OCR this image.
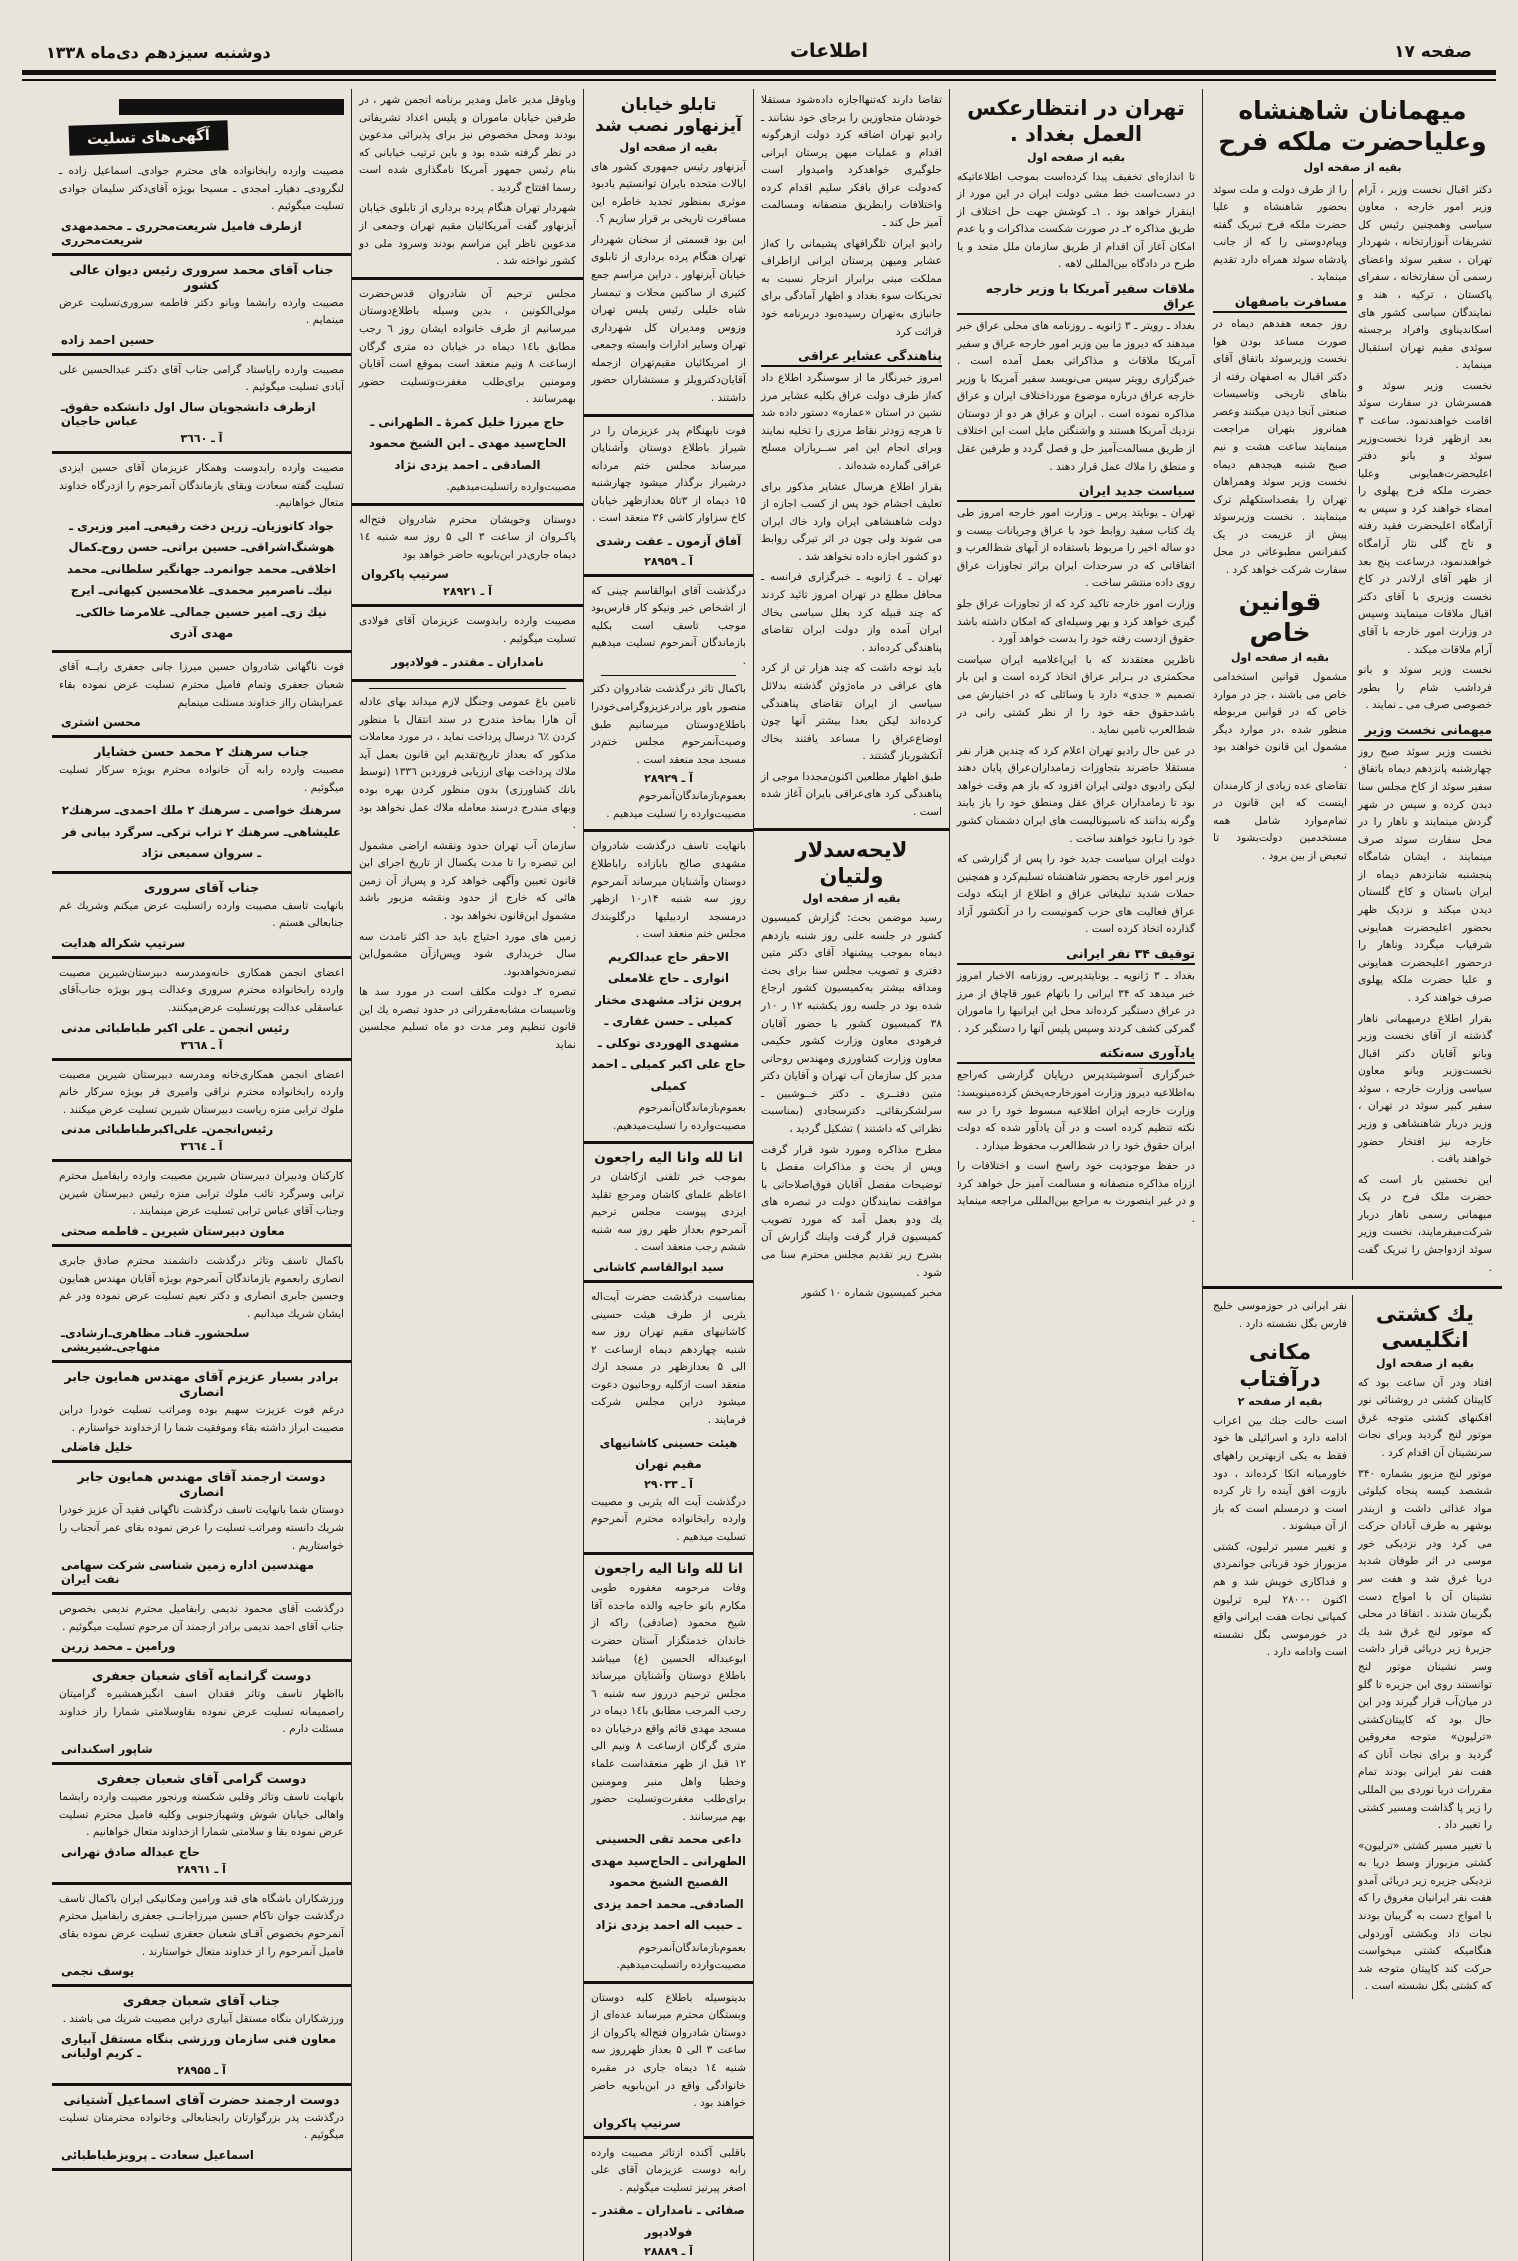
صفحه ۱۷
اطلاعات
دوشنبه سیزدهم دی‌ماه ۱۳۳۸
میهمانان شاهنشاه وعلیاحضرت ملکه فرح
بقیه از صفحه اول
دکتر اقبال نخست وزیر ، آرام وزیر امور خارجه ، معاون سیاسی وهمچنین رئیس کل تشریفات آنوزارتخانه ، شهردار تهران ، سفیر سوئد واعضای رسمی آن سفارتخانه ، سفرای پاکستان ، ترکیه ، هند و نمایندگان سیاسی کشور های اسکاندیناوی وافراد برجسته سوئدی مقیم تهران استقبال مینماید .
نخست وزیر سوئد و همسرشان در سفارت سوئد اقامت خواهندنمود. ساعت ۳ بعد ازظهر فردا نخست‌وزیر سوئد و بانو دفتر اعلیحضرت‌همایونی وعلیا حضرت ملکه فرح پهلوی را امضاء خواهند کرد و سپس به آرامگاه اعلیحضرت فقید رفته و تاج گلی نثار آرامگاه خواهندنمود، درساعت پنج بعد از ظهر آقای ارلاندر در کاخ نخست وزیری با آقای دکتر اقبال ملاقات مینمایند وسپس در وزارت امور خارجه با آقای آرام ملاقات میکند .
نخست وزیر سوئد و بانو فرداشب شام را بطور خصوصی صرف می ـ نمایند .
میهمانی نخست وزیر
نخست وزیر سوئد صبح روز چهارشنبه پانزدهم دیماه باتفاق سفیر سوئد از کاخ مجلس سنا دیدن کرده و سپس در شهر گردش مینمایند و ناهار را در محل سفارت سوئد صرف مینمایند ، ایشان شامگاه پنجشنبه شانزدهم دیماه از ایران باستان و کاخ گلستان دیدن میکند و نزدیک ظهر بحضور اعلیحضرت همایونی شرفیاب میگردد وناهار را درحضور اعلیحضرت همایونی و علیا حضرت ملکه پهلوی صرف خواهند کرد .
بقرار اطلاع درمیهمانی ناهار گذشته از آقای نخست وزیر وبانو آقایان دکتر اقبال نخست‌وزیر وبانو معاون سیاسی وزارت خارجه ، سوئد سفیر کبیر سوئد در تهران ، وزیر دربار شاهنشاهی و وزیر خارجه نیز افتخار حضور خواهند یافت .
این نخستین بار است که حضرت ملک فرح در یک میهمانی رسمی ناهار دربار شرکت‌میفرمایند، نخست وزیر سوئد ازدواجش را تبریک گفت .
را از طرف دولت و ملت سوئد بحضور شاهنشاه و علیا حضرت ملکه فرح تبریک گفته وپیام‌دوستی را که از جانب پادشاه سوئد همراه دارد تقدیم مینماید .
مسافرت باصفهان
روز جمعه هفدهم دیماه در صورت مساعد بودن هوا نخست وزیرسوئد باتفاق آقای دکتر اقبال به اصفهان رفته از بناهای تاریخی وتاسیسات صنعتی آنجا دیدن میکنند وعصر همانروز بتهران مراجعت مینمایند ساعت هشت و نیم صبح شنبه هیجدهم دیماه نخست وزیر سوئد وهمراهان تهران را بقصداستکهلم ترک مینمایند . نخست وزیرسوئد پیش از عزیمت در یک کنفرانس مطبوعاتی در محل سفارت شرکت خواهد کرد .
قوانین خاص
بقیه از صفحه اول
مشمول قوانین استخدامی خاص می باشند ، جز در موارد خاص که در قوانین مربوطه منظور شده ،در موارد دیگر مشمول این قانون خواهند بود .
تقاضای عده زیادی از کارمندان اینست که این قانون در تمام‌موارد شامل همه مستخدمین دولت‌بشود تا تبعیض از بین برود .
یك کشتی انگلیسی
بقیه از صفحه اول
افتاد ودر آن ساعت بود که کاپیتان کشتی در روشنائی نور افکنهای کشتی متوجه غرق موتور لنج گردید وبرای نجات سرنشینان آن اقدام کرد .
موتور لنج مزبور بشماره ۳۴۰ ششصد کیسه پنجاه کیلوئی مواد غذائی داشت و ازبندر بوشهر به طرف آبادان حرکت می کرد ودر نزدیکی خور موسی در اثر طوفان شدید دریا غرق شد و هفت سر نشینان آن با امواج دست بگریبان شدند . اتفاقا در محلی که موتور لنج غرق شد یك جزیرهٔ زیر دریائی قرار داشت وسر نشینان موتور لنج توانستند روی این جزیره تا گلو در میان‌آب قرار گیرند ودر این حال بود که کاپیتان‌کشتی «ترلیون» متوجه مغروقین گردید و برای نجات آنان که هفت نفر ایرانی بودند تمام مقررات دریا نوردی بین المللی را زیر پا گذاشت ومسیر کشتی را تغییر داد .
با تغییر مسیر کشتی «ترلیون» کشتی مزبوراز وسط دریا به نزدیکی جزیره زیر دریائی آمدو هفت نفر ایرانیان مغروق را که با امواج دست به گریبان بودند نجات داد وبکشتی آوردولی هنگامیکه کشتی میخواست حرکت کند کاپیتان متوجه شد که کشتی بگل نشسته است .
نفر ایرانی در حوزموسی خلیج فارس بگل نشسته دارد .
مکانی درآفتاب
بقیه از صفحه ۲
است حالت جنك بین اعراب ادامه دارد و اسرائیلی ها خود فقط به یکی ازبهترین راههای خاورمیانه اتکا کرده‌اند ، دود بازوت افق آینده را تار کرده است و درمسلم است که باز از آن میشوند .
و تغییر مسیر ترلیون، کشتی مزبوراز خود قربانی جوانمردی و فداکاری خویش شد و هم اکنون ۲۸۰۰۰ لیره ترلیون کمپانی نجات هفت ایرانی واقع در خورموسی بگل نشسته است وادامه دارد .
تهران در انتظارعکس العمل بغداد .
بقیه از صفحه اول
تا اندازه‌ای تخفیف پیدا کرده‌است بموجب اطلاعاتیکه در دست‌است خط مشی دولت ایران در این مورد از اینقرار خواهد بود . ۱ـ کوشش جهت حل اختلاف از طریق مذاکره ۲ـ در صورت شکست مذاکرات و یا عدم امکان آغاز آن اقدام از طریق سازمان ملل متحد و یا طرح در دادگاه بین‌المللی لاهه .
ملاقات سفیر آمریکا با وزیر خارجه عراق
بغداد ـ رویتر ـ ۳ ژانویه ـ روزنامه های محلی عراق خبر میدهند که دیروز ما بین وزیر امور خارجه عراق و سفیر آمریکا ملاقات و مذاکراتی بعمل آمده است . خبرگزاری رویتر سپس می‌نویسد سفیر آمریکا با وزیر خارجه عراق درباره موضوع مورداختلاف ایران و عراق مذاکره نموده است . ایران و عراق هر دو از دوستان نزدیك آمریکا هستند و واشنگتن مایل است این اختلاف از طریق مسالمت‌آمیز حل و فصل گردد و طرفین عقل و منطق را ملاك عمل قرار دهند .
سیاست جدید ایران
تهران ـ یونایتد پرس ـ وزارت امور خارجه امروز طی یك کتاب سفید روابط خود با عراق وجریانات بیست و دو ساله اخیر را مربوط باستفاده از آبهای شط‌العرب و اتفاقاتی که در سرحدات ایران براثر تجاوزات عراق روی داده منتشر ساخت .
وزارت امور خارجه تاکید کرد که از تجاوزات عراق جلو گیری خواهد کرد و بهر وسیله‌ای که امکان داشته باشد حقوق ازدست رفته خود را بدست خواهد آورد .
ناظرین معتقدند که با این‌اعلامیه ایران سیاست محکمتری در بـرابر عراق اتخاذ کرده است و این بار تصمیم « جدی» دارد با وسائلی که در اختیارش می باشدحقوق حقه خود را از نظر کشتی رانی در شط‌العرب تامین نماید .
در عین حال رادیو تهران اعلام کرد که چندین هزار نفر مستقلا حاضرند بتجاوزات زمامداران‌عراق پایان دهند لیکن رادیوی دولتی ایران افزود که باز هم وقت خواهد بود تا زمامداران عراق عقل ومنطق خود را باز یابند وگرنه بدانند که ناسیونالیست های ایران دشمنان کشور خود را نـابود خواهند ساخت .
دولت ایران سیاست جدید خود را پس از گزارشی که وزیر امور خارجه بحضور شاهنشاه تسلیم‌کرد و همچنین حملات شدید تبلیغاتی عراق و اطلاع از اینکه دولت عراق فعالیت های حزب کمونیست را در آنکشور آزاد گذارده اتخاذ کرده است .
توقیف ۳۴ نفر ایرانی
بغداد ـ ۳ ژانویه ـ یونایتدپرس‌ـ روزنامه الاخبار امروز خبر میدهد که ۳۴ ایرانی را باتهام عبور قاچاق از مرز در عراق دستگیر کرده‌اند محل این ایرانیها را ماموران گمرکی کشف کردند وسپس پلیس آنها را دستگیر کرد .
یادآوری سه‌نکته
خبرگزاری آسوشیتدپرس درپایان گزارشی که‌راجع به‌اطلاعیه دیروز وزارت امورخارجه‌پخش کرده‌مینویسد: وزارت خارجه ایران اطلاعیه مبسوط خود را در سه نکته تنظیم کرده است و در آن یادآور شده که دولت ایران حقوق خود را در شط‌العرب محفوظ میدارد .
در حفظ موجودیت خود راسخ است و اختلافات را ازراه مذاکره منصفانه و مسالمت آمیز حل خواهد کرد و در غیر اینصورت به مراجع بین‌المللی مراجعه مینماید .
تقاضا دارند که‌تنهااجازه داده‌شود مستقلا خودشان متجاوزین را برجای خود نشانند ـ رادیو تهران اضافه کرد دولت ازهرگونه اقدام و عملیات میهن پرستان ایرانی جلوگیری خواهدکرد وامیدوار است که‌دولت عراق بافکر سلیم اقدام کرده واختلافات رابطریق منصفانه ومسالمت آمیز حل کند ـ
رادیو ایران تلگرافهای پشیمانی را که‌از عشایر ومیهن پرستان ایرانی ازاطراف مملکت مبنی برابراز انزجار نسبت به تحریکات سوء بغداد و اظهار آمادگی برای جانبازی به‌تهران رسیده‌بود دربرنامه خود قرائت کرد
پناهندگی عشایر عراقی
امروز خبرنگار ما از سوسنگرد اطلاع داد که‌از طرف دولت عراق بکلیه عشایر مرز نشین در استان «عماره» دستور داده شد تا هرچه زودتر نقاط مرزی را تخلیه نمایند وبرای انجام این امر ســربازان مسلح عراقی گمارده شده‌اند .
بقرار اطلاع هرسال عشایر مذکور برای تعلیف احشام خود پس از کسب اجازه از دولت شاهنشاهی ایران وارد خاك ایران می شوند ولی چون در اثر تیرگی روابط دو کشور اجازه داده نخواهد شد .
تهران ـ ٤ ژانویه ـ خبرگزاری فرانسه ـ محافل مطلع در تهران امروز تائید کردند که چند قبیله کرد بعلل سیاسی بخاك ایران آمده واز دولت ایران تقاضای پناهندگی کرده‌اند .
باید توجه داشت که چند هزار تن از کرد های عراقی در ماه‌ژوئن گذشته بدلائل سیاسی از ایران تقاضای پناهندگی کرده‌اند لیکن بعدا بیشتر آنها چون اوضاع‌عراق را مساعد یافتند بخاك آنکشورباز گشتند .
طبق اظهار مطلعین اکنون‌مجددا موجی از پناهندگی کرد های‌عراقی بایران آغاز شده است .
لایحه‌سدلار ولتیان
بقیه از صفحه اول
رسید موضمن بحث: گزارش کمیسیون کشور در جلسه علنی روز شنبه یازدهم دیماه بموجب پیشنهاد آقای دکتر متین دفتری و تصویب مجلس سنا برای بحث ومداقه بیشتر به‌کمیسیون کشور ارجاع شده بود در جلسه روز یکشنبه ۱۲ ر ۱۰ر ۳۸ کمیسیون کشور با حضور آقایان فرهودی معاون وزارت کشور حکیمی معاون وزارت کشاورزی ومهندس روحانی مدیر کل سازمان آب تهران و آقایان دکتر متین دفتــری ـ دکتر خــوشبین ـ سرلشکربقائی‌ـ دکترسجادی (بمناسبت نظراتی که داشتند ) تشکیل گردید ،
مطرح مذاکره ومورد شود قرار گرفت وپس از بحث و مذاکرات مفصل با توضیحات مفصل آقایان فوق‌اصلاحاتی با موافقت نمایندگان دولت در تبصره های یك ودو بعمل آمد که مورد تصویب کمیسیون قرار گرفت واینك گزارش آن بشرح زیر تقدیم مجلس محترم سنا می شود .
مخبر کمیسیون شماره ۱۰ کشور
تابلو خیابان آیزنهاور نصب شد
بقیه از صفحه اول
آیزنهاور رئیس جمهوری کشور های ایالات متحده بایران توانستیم یادبود موثری بمنظور تجدید خاطره این مسافرت تاریخی بر قرار سازیم ؟.
این بود قسمتی از سخنان شهردار تهران هنگام پرده برداری از تابلوی خیابان آیزنهاور . دراین مراسم جمع کثیری از ساکنین محلات و تیمسار شاه خلیلی رئیس پلیس تهران وزوس ومدیران کل شهرداری تهران وسایر ادارات وابسته وجمعی از امریکائیان مقیم‌تهران ازجمله آقایان‌دکترویلز و مستشاران حضور داشتند .
فوت نابهنگام پدر عزیزمان را در شیراز باطلاع دوستان وآشنایان میرساند مجلس ختم مردانه درشیراز برگذار میشود چهارشنبه ۱۵ دیماه از ۳تا۵ بعدازظهر خیابان کاخ سزاوار کاشی ۳۶ منعقد است .
آفاق آزمون ـ عفت رشدی
آ ـ ۲۸۹۵۹
درگذشت آقای ابوالقاسم چینی که از اشخاص خیر ونیکو کار فارس‌بود موجب تاسف است بکلیه بازماندگان آنمرحوم تسلیت میدهیم .
باکمال تاثر درگذشت شادروان دکتر منصور باور برادرعزیزوگرامی‌خودرا باطلاع‌دوستان میرسانیم طبق وصیت‌آنمرحوم مجلس ختم‌در مسجد مجد منعقد است .
آ ـ ۲۸۹۲۹
بعموم‌بازماندگان‌آنمرحوم مصیبت‌وارده را تسلیت میدهیم .
بانهایت تاسف درگذشت شادروان مشهدی صالح بابازاده راباطلاع دوستان وآشنایان میرساند آنمرحوم روز سه شنبه ۱۴ر۱۰ ازظهر درمسجد اردبیلیها درگلوبندك مجلس ختم منعقد است .
الاحقر حاج عبدالکریم انواری ـ حاج غلامعلی پروین نژادـ مشهدی مختار کمیلی ـ حسن غفاری ـ مشهدی الهوردی توکلی ـ حاج علی اکبر کمیلی ـ احمد کمیلی
بعموم‌بازماندگان‌آنمرحوم مصیبت‌وارده را تسلیت‌میدهیم.
انا لله وانا الیه راجعون
بموجب خبر تلفنی ازکاشان در اعاظم علمای کاشان ومرجع تقلید ایزدی پیوست مجلس ترحیم آنمرحوم بعداز ظهر روز سه شنبه ششم رجب منعقد است .
سید ابوالقاسم کاشانی
بمناسبت درگذشت حضرت آیت‌اله یثربی از طرف هیئت حسینی کاشانیهای مقیم تهران روز سه شنبه چهاردهم دیماه ازساعت ۲ الی ۵ بعدازظهر در مسجد ارك منعقد است ازکلیه روحانیون دعوت میشود دراین مجلس شرکت فرمایند .
هیئت حسینی کاشانیهای مقیم تهران
آ ـ ۲۹۰۳۳
درگذشت آیت اله یثربی و مصیبت وارده رابخانواده محترم آنمرحوم تسلیت میدهیم .
انا لله وانا الیه راجعون
وفات مرحومه مغفوره طوبی مکارم بانو حاجیه والده ماجده آقا شیخ محمود (صادقی) راکه از خاندان خدمتگزار آستان حضرت ابوعبداله الحسین (ع) میباشد باطلاع دوستان وآشنایان میرساند مجلس ترحیم درروز سه شنبه ٦ رجب المرجب مطابق با۱٤ دیماه در مسجد مهدی قائم واقع درخیابان ده متری گرگان ازساعت ۸ ونیم الی ۱۲ قبل از ظهر منعقداست علماء وخطبا واهل منبر ومومنین برای‌طلب مغفرت‌وتسلیت حضور بهم میرسانند .
داعی محمد تقی الحسینی الطهرانی ـ الحاج‌سید مهدی الفصیح الشیخ محمود الصادقی‌ـ محمد احمد یزدی ـ حبیب اله احمد یزدی نژاد
بعموم‌بازماندگان‌آنمرحوم مصیبت‌وارده راتسلیت‌میدهیم.
بدینوسیله باطلاع کلیه دوستان وبستگان محترم میرساند عده‌ای از دوستان شادروان فتح‌اله پاکروان از ساعت ۳ الی ۵ بعداز ظهرروز سه شنبه ۱٤ دیماه جاری در مقبره خانوادگی واقع در ابن‌بابویه حاضر خواهند بود .
سرتیپ پاکروان
باقلبی آکنده ازتاثر مصیبت وارده رابه دوست عزیزمان آقای علی اصغر پیرنیز تسلیت میگوئیم .
صفائی ـ نامداران ـ مقتدر ـ فولادپور
آ ـ ۲۸۸۸۹
وباوقل مدیر عامل ومدیر برنامه انجمن شهر ، در طرفین خیابان ماموران و پلیس اعداد تشریفاتی بودند ومحل مخصوص نیز برای پذیرائی مدعوین در نظر گرفته شده بود و باین ترتیب خیابانی که بنام رئیس جمهور آمریکا نامگذاری شده است رسما افتتاح گردید .
شهردار تهران هنگام پرده برداری از تابلوی خیابان آیزنهاور گفت آمریکائیان مقیم تهران وجمعی از مدعوین ناظر این مراسم بودند وسرود ملی دو کشور نواخته شد .
مجلس ترحیم آن شادروان قدس‌حضرت مولی‌الکونین ، بدین وسیله باطلاع‌دوستان میرسانیم از طرف خانواده ایشان روز ٦ رجب مطابق با۱٤ دیماه در خیابان ده متری گرگان ازساعت ۸ ونیم منعقد است بموقع است آقایان ومومنین برای‌طلب مغفرت‌وتسلیت حضور بهمرسانند .
حاج میرزا خلیل کمرهٔ ـ الطهرانی ـ الحاج‌سید مهدی ـ ابن الشیخ محمود الصادقی ـ احمد یزدی نژاد
مصیبت‌وارده راتسلیت‌میدهیم.
دوستان وخویشان محترم شادروان فتح‌اله پاکـروان از ساعت ۳ الی ۵ روز سه شنبه ۱٤ دیماه جاری‌در ابن‌بابویه حاضر خواهد بود
سرتیپ پاکروان
آ ـ ۲۸۹۲۱
مصیبت وارده رابدوست عزیزمان آقای فولادی تسلیت میگوئیم .
نامداران ـ مقتدر ـ فولادپور
تامین باغ عمومی وجنگل لازم میداند بهای عادله آن هارا بماخذ مندرج در سند انتقال با منظور کردن ٪٦ درسال پرداخت نماید ، در مورد معاملات مذکور که بعداز تاریخ‌تقدیم این قانون بعمل آید ملاك پرداخت بهای ارزیابی فروردین ۱۳۳٦ (توسط بانك کشاورزی) بدون منظور کردن بهره بوده وبهای مندرج درسند معامله ملاك عمل نخواهد بود .
سازمان آب تهران حدود ونقشه اراضی مشمول این تبصره را تا مدت یکسال از تاریخ اجرای این قانون تعیین وآگهی خواهد کرد و پس‌از آن زمین هائی که خارج از حدود ونقشه مزبور باشد مشمول این‌قانون نخواهد بود .
زمین های مورد احتیاج باید حد اکثر تامدت سه سال خریداری شود وپس‌ازآن مشمول‌این تبصره‌نخواهدبود.
تبصره ۲ـ دولت مکلف است در مورد سد ها وتاسیسات مشابه‌مقرراتی در حدود تبصره یك این قانون تنظیم ومر مدت دو ماه تسلیم مجلسین نماید
آگهی‌های تسلیت
مصیبت وارده رابخانواده های محترم جوادی‌ـ اسماعیل زاده ـ لنگرودی‌ـ دهیارـ امجدی ـ مسیحا بویژه آقای‌دکتر سلیمان جوادی تسلیت میگوئیم .
ازطرف فامیل شریعت‌محرری ـ محمدمهدی شریعت‌محرری
جناب آقای محمد سروری رئیس دیوان عالی کشور
مصیبت وارده رابشما وبانو دکتر فاطمه سروری‌تسلیت عرض مینمایم .
حسین احمد زاده
مصیبت وارده رایاستاد گرامی جناب آقای دکتـر عبدالحسین علی آبادی تسلیت میگوئیم .
ازطرف دانشجویان سال اول دانشکده حقوق‌ـ عباس حاجیان
آ ـ ۳٦٦۰
مصیبت وارده رابدوست وهمکار عزیزمان آقای حسین ایزدی تسلیت گفته سعادت وبقای بازماندگان آنمرحوم را ازدرگاه خداوند متعال خواهانیم.
جواد کاتوزیان‌ـ زرین دخت رفیعی‌ـ امیر وزیری ـ هوشنگ‌اشراقی‌ـ حسین براتی‌ـ حسن روح‌ـ‌کمال اخلاقی‌ـ محمد جوانمردـ جهانگیر سلطانی‌ـ محمد نیك‌ـ ناصرمیر محمدی‌ـ غلامحسین کیهانی‌ـ ایرج نیك زی‌ـ امیر حسین جمالی‌ـ غلامرضا خالکی‌ـ مهدی آذری
فوت ناگهانی شادروان حسین میرزا جانی جعفری رابــه آقای شعبان جعفری وتمام فامیل محترم تسلیت عرض نموده بقاء عمرایشان رااز خداوند مسئلت مینمایم
محسن اشتری
جناب سرهنك ۲ محمد حسن خشایار
مصیبت وارده رابه آن خانواده محترم بویژه سرکار تسلیت میگوئیم .
سرهنك خواصی ـ سرهنك ۲ ملك احمدی‌ـ سرهنك۲ علیشاهی‌ـ سرهنك ۲ تراب ترکی‌ـ سرگرد بیانی فر ـ سروان سمیعی نژاد
جناب آقای سروری
بانهایت تاسف مصیبت وارده راتسلیت عرض میکنم وشریك غم جنابعالی هستم .
سرتیپ شکراله هدایت
اعضای انجمن همکاری خانه‌ومدرسه دبیرستان‌شیرین مصیبت وارده رابخانواده محترم سروری وعدالت پـور بویژه جناب‌آقای عباسقلی عدالت پورتسلیت عرض‌میکنند.
رئیس انجمن ـ علی اکبر طباطبائی مدنی
آ ـ ۳٦٦۸
اعضای انجمن همکاری‌خانه ومدرسه دبیرستان شیرین مصیبت وارده رابخانواده محترم نراقی وامیری فر بویژه سرکار خانم ملوك ترابی منزه ریاست دبیرستان شیرین تسلیت عرض میکنند .
رئیس‌انجمن‌ـ علی‌اکبرطباطبائی مدنی
آ ـ ۳٦٦٤
کارکنان ودبیران دبیرستان شیرین مصیبت وارده رابفامیل محترم ترابی وسرگرد تائب ملوك ترابی منزه رئیس دبیرستان شیرین وجناب آقای عباس ترابی تسلیت عرض مینمایند .
معاون دبیرستان شیرین ـ فاطمه صحتی
باکمال تاسف وتاثر درگذشت دانشمند محترم صادق جابری انصاری رابعموم بازماندگان آنمرحوم بویژه آقایان مهندس همایون وحسین جابری انصاری و دکتر نعیم تسلیت عرض نموده ودر غم ایشان شریك میدانیم .
سلحشورـ قنادـ مظاهری‌ـ‌ارشادی‌ـ منهاجی‌ـ‌شیریشی
برادر بسیار عزیزم آقای مهندس همایون جابر انصاری
درغم فوت عزیزت سهیم بوده ومراتب تسلیت خودرا دراین مصیبت ابراز داشته بقاء وموفقیت شما را ازخداوند خواستارم .
خلیل فاضلی
دوست ارجمند آقای مهندس همایون جابر انصاری
دوستان شما بانهایت تاسف درگذشت ناگهانی فقید آن عزیز خودرا شریك دانسته ومراتب تسلیت را عرض نموده بقای عمر آنجناب را خواستاریم .
مهندسین اداره زمین شناسی شرکت سهامی نفت ایران
درگذشت آقای محمود ندیمی رابفامیل محترم ندیمی بخصوص جناب آقای احمد ندیمی برادر ارجمند آن مرحوم تسلیت میگوئیم .
ورامین ـ محمد زرین
دوست گرانمایه آقای شعبان جعفری
بااظهار تاسف وتاثر فقدان اسف انگیزهمشیره گرامیتان راصمیمانه تسلیت عرض نموده بقاوسلامتی شمارا راز خداوند مسئلت دارم .
شاپور اسکندانی
دوست گرامی آقای شعبان جعفری
بانهایت تاسف وتاثر وقلبی شکسته ورنجور مصیبت وارده رابشما واهالی خیابان شوش وشهبازجنوبی وکلیه فامیل محترم تسلیت عرض نموده بقا و سلامتی شمارا ازخداوند متعال خواهانیم .
حاج عبداله صادق تهرانی
آ ـ ۲۸۹٦۱
ورزشکاران باشگاه های قند ورامین ومکانیکی ایران باکمال تاسف درگذشت جوان ناکام حسین میرزاجانــی جعفری رابفامیل محترم آنمرحوم بخصوص آقـای شعبان جعفری تسلیت عرض نموده بقای فامیل آنمرحوم را از خداوند متعال خواستارند .
یوسف نجمی
جناب آقای شعبان جعفری
ورزشکاران بنگاه مستقل آبیاری دراین مصیبت شریك می باشند .
معاون فنی سازمان ورزشی بنگاه مستقل آبیاری ـ کریم اولیانی
آ ـ ۲۸۹۵۵
دوست ارجمند حضرت آقای اسماعیل آشتیانی
درگذشت پدر بزرگوارتان رابجنابعالی وخانواده محترمتان تسلیت میگوئیم .
اسماعیل سعادت ـ پرویزطباطبائی
